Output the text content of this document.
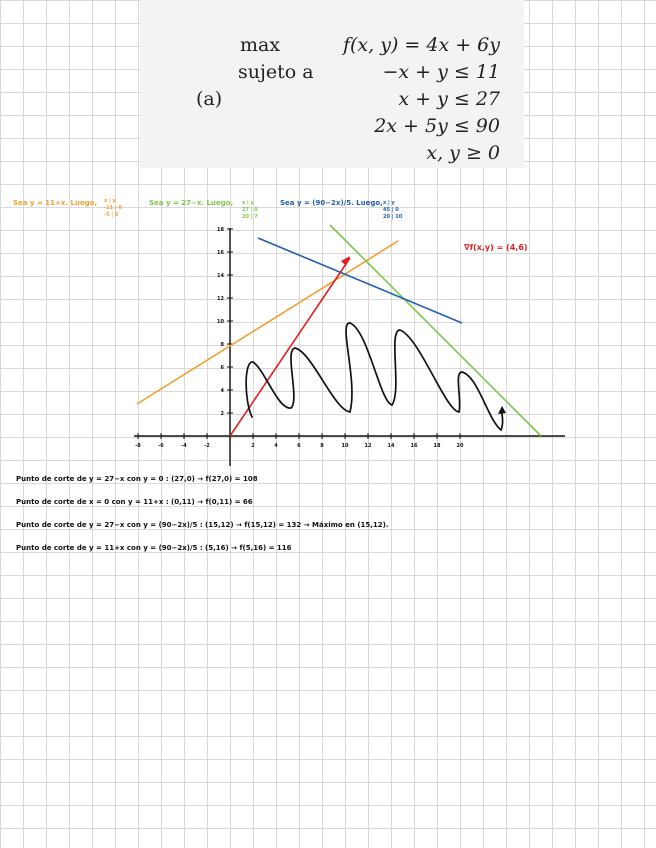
(a)
max	f(x, y) = 4x + 6y
sujeto a	−x + y ≤ 11
x + y ≤ 27
2x + 5y ≤ 90
x, y ≥ 0
Sea y = 11+x. Luego, x | y
-11 | 0
-5 | 6
Sea y = 27−x. Luego, x | y
27 | 0
20 | 7
Sea y = (90−2x)/5. Luego, x | y
45 | 0
20 | 10
∇f(x,y) = (4,6)
-8	-6	-4	-2	2	4	6	8	10	12	14	16	18	20
2
4
6
8
10
12
14
16
18
Punto de corte de y = 27−x con y = 0 : (27,0) → f(27,0) = 108
Punto de corte de x = 0 con y = 11+x : (0,11) → f(0,11) = 66
Punto de corte de y = 27−x con y = (90−2x)/5 : (15,12) → f(15,12) = 132 → Máximo en (15,12).
Punto de corte de y = 11+x con y = (90−2x)/5 : (5,16) → f(5,16) = 116
